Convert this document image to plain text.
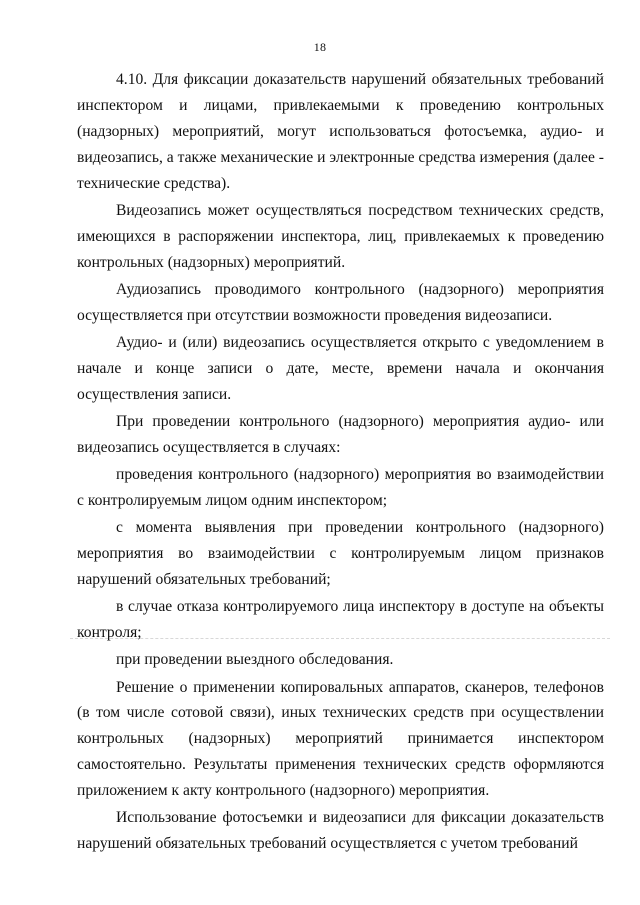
18

4.10. Для фиксации доказательств нарушений обязательных требований инспектором и лицами, привлекаемыми к проведению контрольных (надзорных) мероприятий, могут использоваться фотосъемка, аудио- и видеозапись, а также механические и электронные средства измерения (далее - технические средства).

Видеозапись может осуществляться посредством технических средств, имеющихся в распоряжении инспектора, лиц, привлекаемых к проведению контрольных (надзорных) мероприятий.

Аудиозапись проводимого контрольного (надзорного) мероприятия осуществляется при отсутствии возможности проведения видеозаписи.

Аудио- и (или) видеозапись осуществляется открыто с уведомлением в начале и конце записи о дате, месте, времени начала и окончания осуществления записи.

При проведении контрольного (надзорного) мероприятия аудио- или видеозапись осуществляется в случаях:

проведения контрольного (надзорного) мероприятия во взаимодействии с контролируемым лицом одним инспектором;

с момента выявления при проведении контрольного (надзорного) мероприятия во взаимодействии с контролируемым лицом признаков нарушений обязательных требований;

в случае отказа контролируемого лица инспектору в доступе на объекты контроля;

при проведении выездного обследования.

Решение о применении копировальных аппаратов, сканеров, телефонов (в том числе сотовой связи), иных технических средств при осуществлении контрольных (надзорных) мероприятий принимается инспектором самостоятельно. Результаты применения технических средств оформляются приложением к акту контрольного (надзорного) мероприятия.

Использование фотосъемки и видеозаписи для фиксации доказательств нарушений обязательных требований осуществляется с учетом требований
